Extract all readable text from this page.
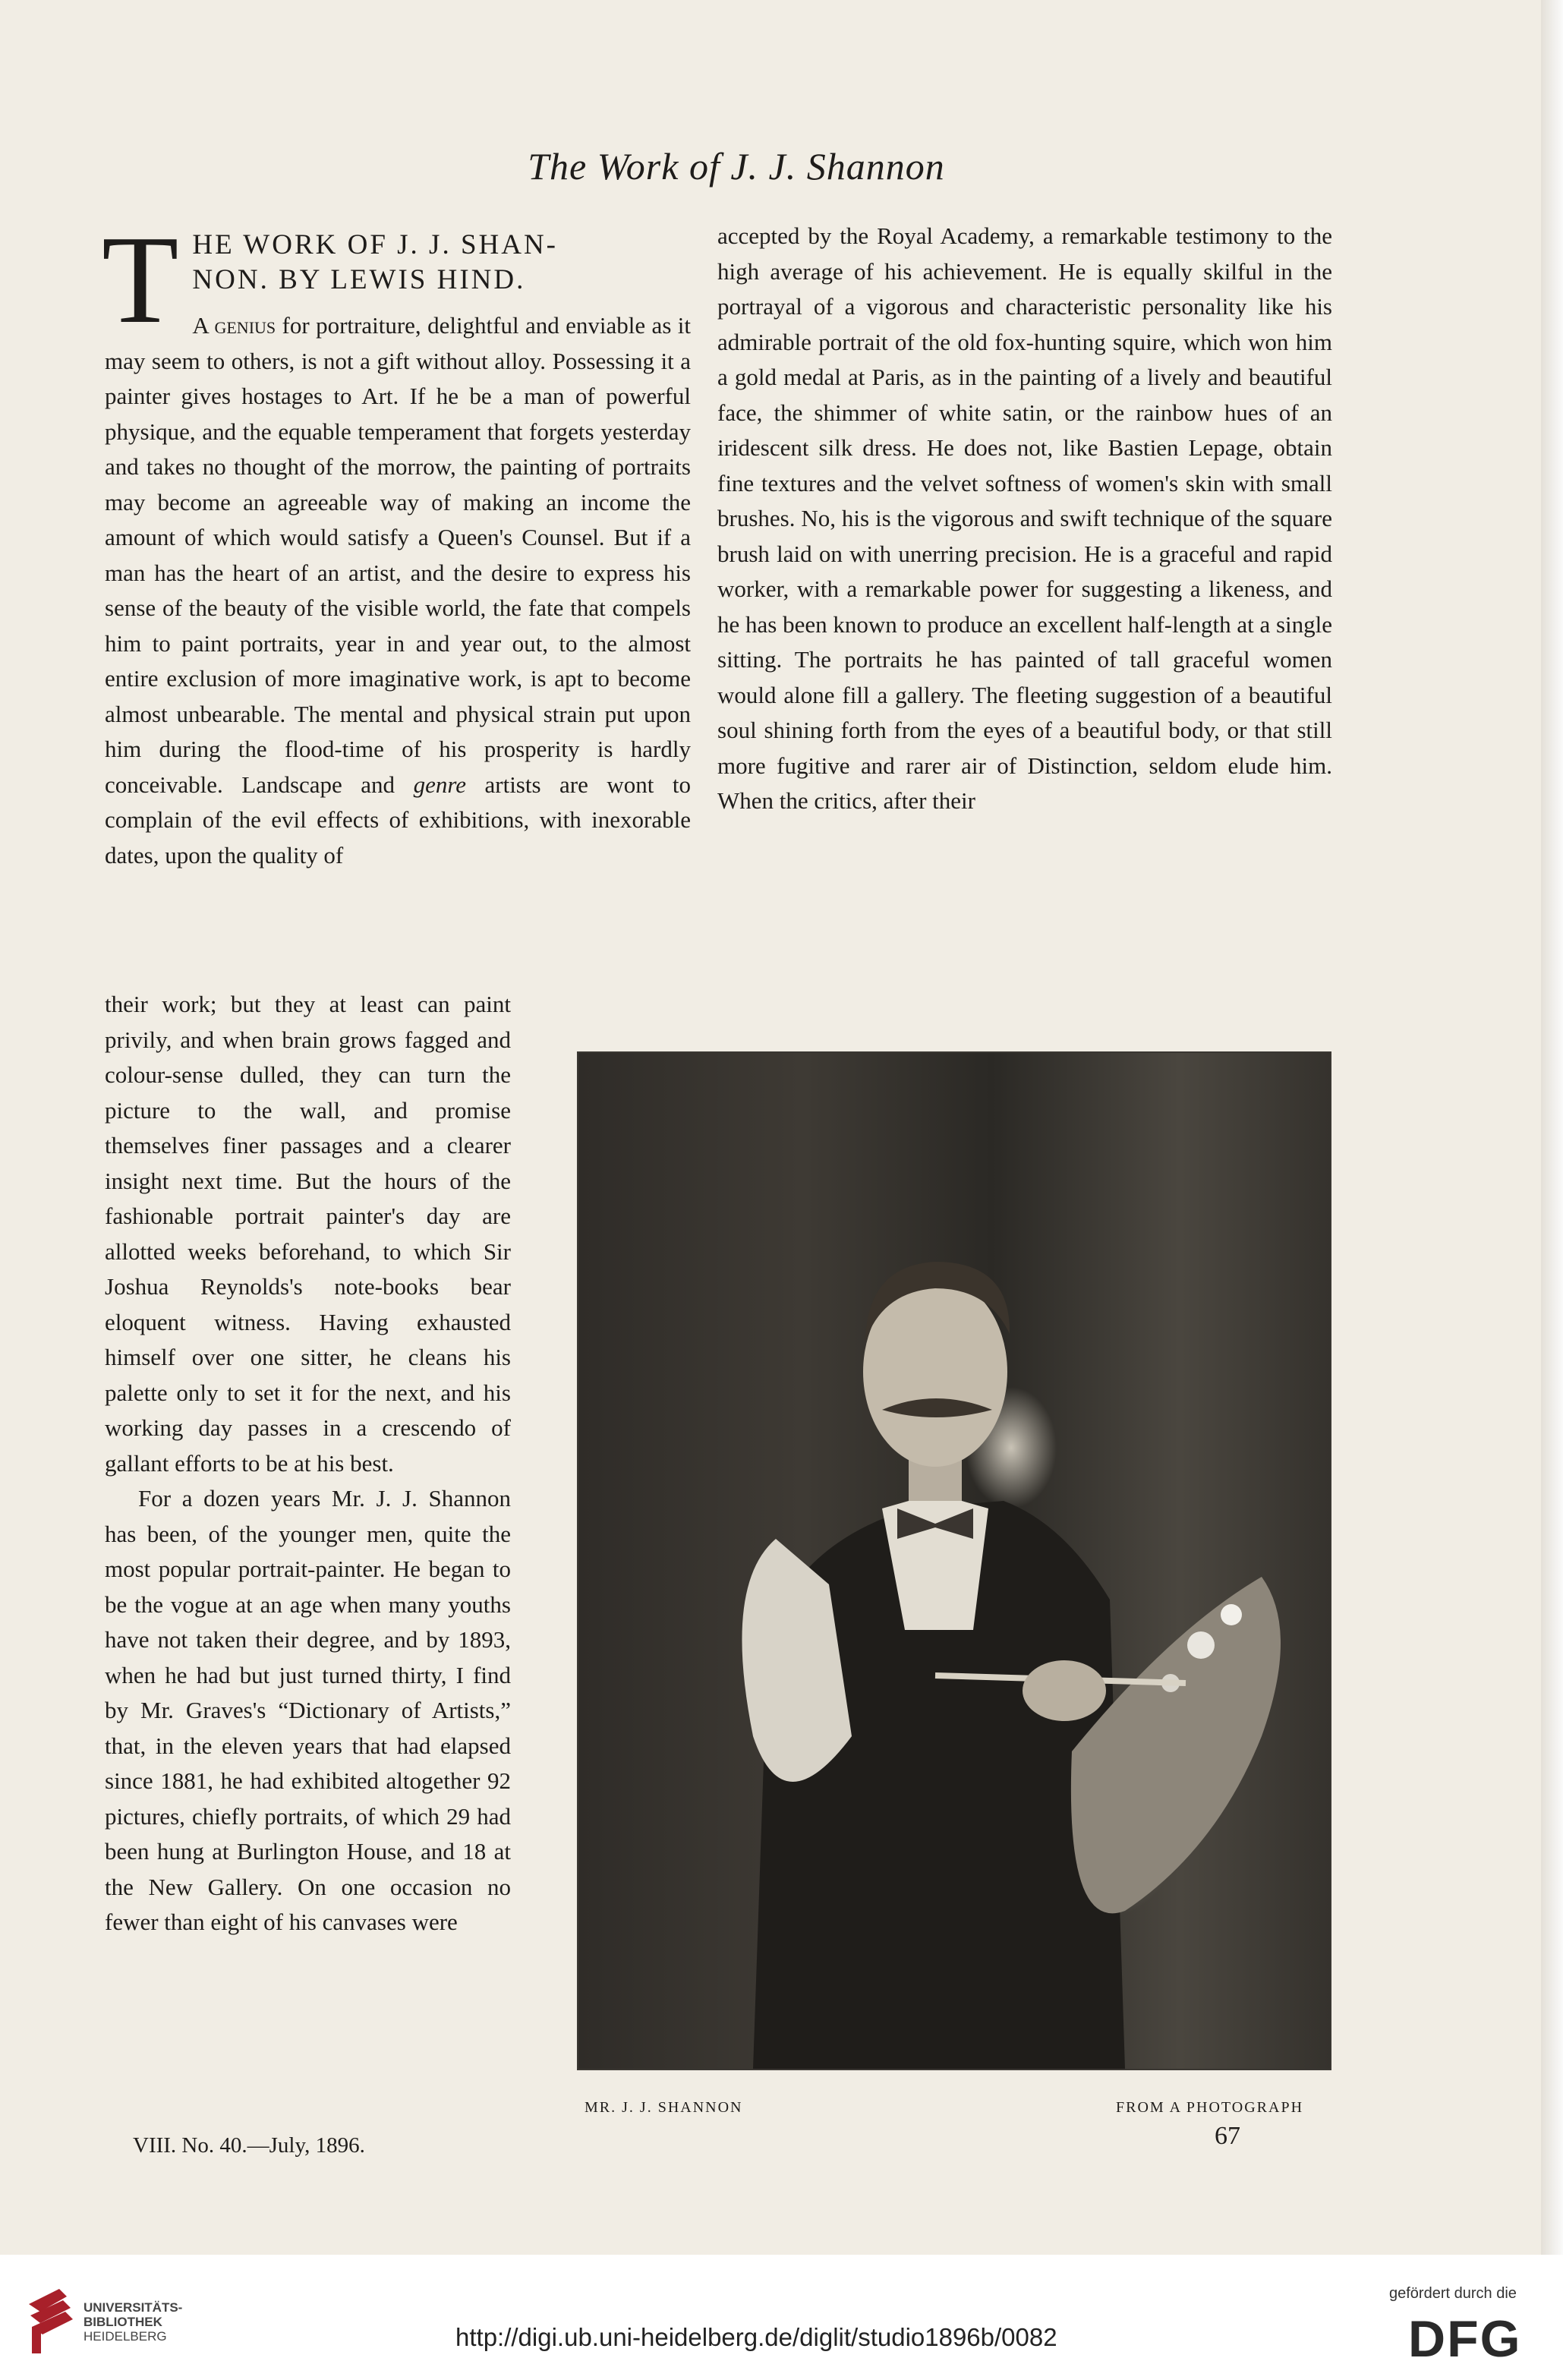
The Work of J. J. Shannon
T HE WORK OF J. J. SHAN-
NON. BY LEWIS HIND.

A genius for portraiture, delightful and enviable as it may seem to others, is not a gift without alloy. Possessing it a painter gives hostages to Art. If he be a man of powerful physique, and the equable temperament that forgets yesterday and takes no thought of the morrow, the painting of portraits may become an agreeable way of making an income the amount of which would satisfy a Queen's Counsel. But if a man has the heart of an artist, and the desire to express his sense of the beauty of the visible world, the fate that compels him to paint portraits, year in and year out, to the almost entire exclusion of more imaginative work, is apt to become almost unbearable. The mental and physical strain put upon him during the flood-time of his prosperity is hardly conceivable. Landscape and genre artists are wont to complain of the evil effects of exhibitions, with inexorable dates, upon the quality of

their work; but they at least can paint privily, and when brain grows fagged and colour-sense dulled, they can turn the picture to the wall, and promise themselves finer passages and a clearer insight next time. But the hours of the fashionable portrait painter's day are allotted weeks beforehand, to which Sir Joshua Reynolds's note-books bear eloquent witness. Having exhausted himself over one sitter, he cleans his palette only to set it for the next, and his working day passes in a crescendo of gallant efforts to be at his best.

For a dozen years Mr. J. J. Shannon has been, of the younger men, quite the most popular portrait-painter. He began to be the vogue at an age when many youths have not taken their degree, and by 1893, when he had but just turned thirty, I find by Mr. Graves's “Dictionary of Artists,” that, in the eleven years that had elapsed since 1881, he had exhibited altogether 92 pictures, chiefly portraits, of which 29 had been hung at Burlington House, and 18 at the New Gallery. On one occasion no fewer than eight of his canvases were

accepted by the Royal Academy, a remarkable testimony to the high average of his achievement. He is equally skilful in the portrayal of a vigorous and characteristic personality like his admirable portrait of the old fox-hunting squire, which won him a gold medal at Paris, as in the painting of a lively and beautiful face, the shimmer of white satin, or the rainbow hues of an iridescent silk dress. He does not, like Bastien Lepage, obtain fine textures and the velvet softness of women's skin with small brushes. No, his is the vigorous and swift technique of the square brush laid on with unerring precision. He is a graceful and rapid worker, with a remarkable power for suggesting a likeness, and he has been known to produce an excellent half-length at a single sitting. The portraits he has painted of tall graceful women would alone fill a gallery. The fleeting suggestion of a beautiful soul shining forth from the eyes of a beautiful body, or that still more fugitive and rarer air of Distinction, seldom elude him. When the critics, after their

MR. J. J. SHANNON	FROM A PHOTOGRAPH
VIII. No. 40.—July, 1896.	67
UNIVERSITÄTS-
BIBLIOTHEK
HEIDELBERG	http://digi.ub.uni-heidelberg.de/diglit/studio1896b/0082
gefördert durch die
DFG
